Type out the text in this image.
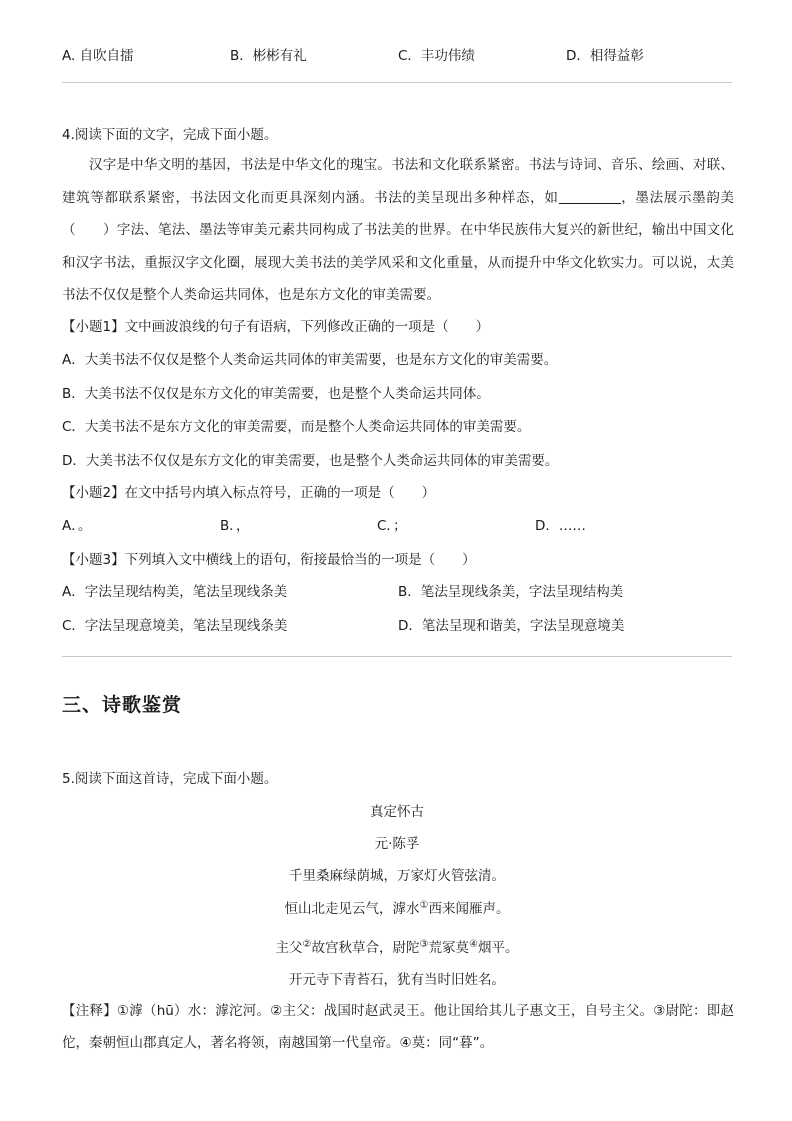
A. 自吹自擂	B．彬彬有礼	C．丰功伟绩	D．相得益彰
4.阅读下面的文字，完成下面小题。
汉字是中华文明的基因，书法是中华文化的瑰宝。书法和文化联系紧密。书法与诗词、音乐、绘画、对联、建筑等都联系紧密，书法因文化而更具深刻内涵。书法的美呈现出多种样态，如	，墨法展示墨韵美（　　）字法、笔法、墨法等审美元素共同构成了书法美的世界。在中华民族伟大复兴的新世纪，输出中国文化和汉字书法，重振汉字文化圈，展现大美书法的美学风采和文化重量，从而提升中华文化软实力。可以说，太美书法不仅仅是整个人类命运共同体，也是东方文化的审美需要。
【小题1】文中画波浪线的句子有语病，下列修改正确的一项是（　　）
A．大美书法不仅仅是整个人类命运共同体的审美需要，也是东方文化的审美需要。
B．大美书法不仅仅是东方文化的审美需要，也是整个人类命运共同体。
C．大美书法不是东方文化的审美需要，而是整个人类命运共同体的审美需要。
D．大美书法不仅仅是东方文化的审美需要，也是整个人类命运共同体的审美需要。
【小题2】在文中括号内填入标点符号，正确的一项是（　　）
A．。	B．，	C．；	D．……
【小题3】下列填入文中横线上的语句，衔接最恰当的一项是（　　）
A．字法呈现结构美，笔法呈现线条美	B．笔法呈现线条美，字法呈现结构美
C．字法呈现意境美，笔法呈现线条美	D．笔法呈现和谐美，字法呈现意境美
三、诗歌鉴赏
5.阅读下面这首诗，完成下面小题。
真定怀古
元·陈孚
千里桑麻绿荫城，万家灯火管弦清。
恒山北走见云气，滹水①西来闻雁声。
主父②故宫秋草合，尉陀③荒冢莫④烟平。
开元寺下青苔石，犹有当时旧姓名。
【注释】①滹（hū）水：滹沱河。②主父：战国时赵武灵王。他让国给其儿子惠文王，自号主父。③尉陀：即赵佗，秦朝恒山郡真定人，著名将领，南越国第一代皇帝。④莫：同“暮”。
